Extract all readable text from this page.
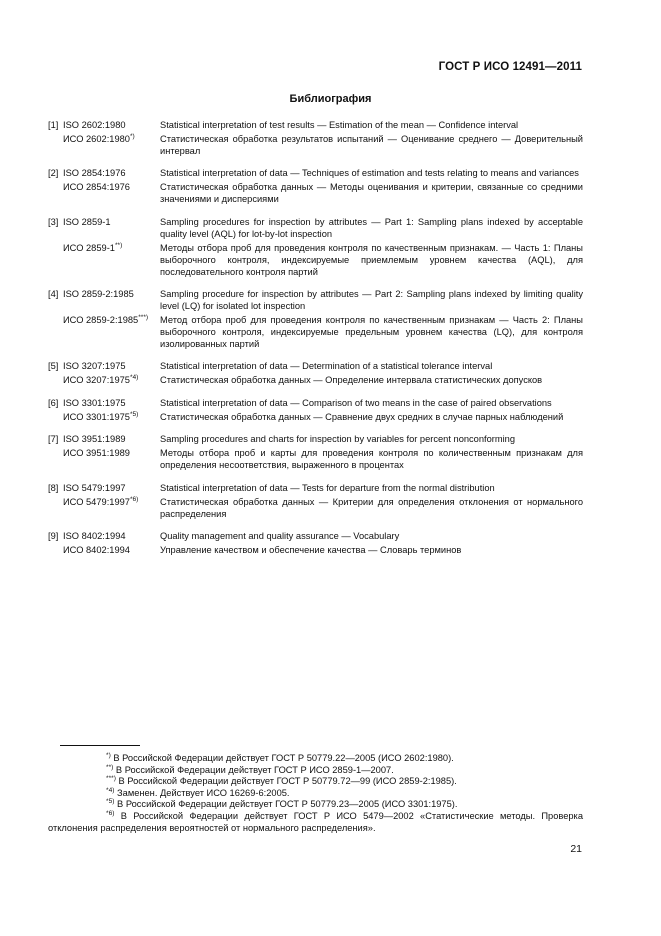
ГОСТ Р ИСО 12491—2011
Библиография
[1] ISO 2602:1980	Statistical interpretation of test results — Estimation of the mean — Confidence interval
ИСО 2602:1980*)	Статистическая обработка результатов испытаний — Оценивание среднего — Доверительный интервал
[2] ISO 2854:1976	Statistical interpretation of data — Techniques of estimation and tests relating to means and variances
ИСО 2854:1976	Статистическая обработка данных — Методы оценивания и критерии, связанные со средними значениями и дисперсиями
[3] ISO 2859-1	Sampling procedures for inspection by attributes — Part 1: Sampling plans indexed by acceptable quality level (AQL) for lot-by-lot inspection
ИСО 2859-1**)	Методы отбора проб для проведения контроля по качественным признакам. — Часть 1: Планы выборочного контроля, индексируемые приемлемым уровнем качества (AQL), для последовательного контроля партий
[4] ISO 2859-2:1985	Sampling procedure for inspection by attributes — Part 2: Sampling plans indexed by limiting quality level (LQ) for isolated lot inspection
ИСО 2859-2:1985***)	Метод отбора проб для проведения контроля по качественным признакам — Часть 2: Планы выборочного контроля, индексируемые предельным уровнем качества (LQ), для контроля изолированных партий
[5] ISO 3207:1975	Statistical interpretation of data — Determination of a statistical tolerance interval
ИСО 3207:1975$^{*4)}$	Статистическая обработка данных — Определение интервала статистических допусков
[6] ISO 3301:1975	Statistical interpretation of data — Comparison of two means in the case of paired observations
ИСО 3301:1975$^{*5)}$	Статистическая обработка данных — Сравнение двух средних в случае парных наблюдений
[7] ISO 3951:1989	Sampling procedures and charts for inspection by variables for percent nonconforming
ИСО 3951:1989	Методы отбора проб и карты для проведения контроля по количественным признакам для определения несоответствия, выраженного в процентах
[8] ISO 5479:1997	Statistical interpretation of data — Tests for departure from the normal distribution
ИСО 5479:1997$^{*6)}$	Статистическая обработка данных — Критерии для определения отклонения от нормального распределения
[9] ISO 8402:1994	Quality management and quality assurance — Vocabulary
ИСО 8402:1994	Управление качеством и обеспечение качества — Словарь терминов
*) В Российской Федерации действует ГОСТ Р 50779.22—2005 (ИСО 2602:1980).
**) В Российской Федерации действует ГОСТ Р ИСО 2859-1—2007.
***) В Российской Федерации действует ГОСТ Р 50779.72—99 (ИСО 2859-2:1985).
$^{*4)}$ Заменен. Действует ИСО 16269-6:2005.
$^{*5)}$ В Российской Федерации действует ГОСТ Р 50779.23—2005 (ИСО 3301:1975).
$^{*6)}$ В Российской Федерации действует ГОСТ Р ИСО 5479—2002 «Статистические методы. Проверка отклонения распределения вероятностей от нормального распределения».
21
